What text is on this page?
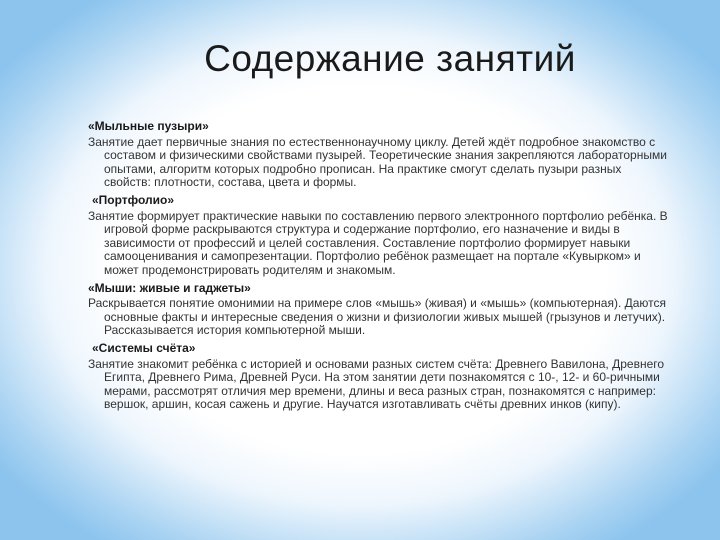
Содержание занятий
«Мыльные пузыри»
Занятие дает первичные знания по естественнонаучному циклу. Детей ждёт подробное знакомство с составом и физическими свойствами пузырей. Теоретические знания закрепляются лабораторными опытами, алгоритм которых подробно прописан. На практике смогут сделать пузыри разных свойств: плотности, состава, цвета и формы.
«Портфолио»
Занятие формирует практические навыки по составлению первого электронного портфолио ребёнка. В игровой форме раскрываются структура и содержание портфолио, его назначение и виды в зависимости от профессий и целей составления. Составление портфолио формирует навыки самооценивания и самопрезентации. Портфолио ребёнок размещает на портале «Кувырком» и может продемонстрировать родителям и знакомым.
«Мыши: живые и гаджеты»
Раскрывается понятие омонимии на примере слов «мышь» (живая) и «мышь» (компьютерная). Даются основные факты и интересные сведения о жизни и физиологии живых мышей (грызунов и летучих). Рассказывается история компьютерной мыши.
«Системы счёта»
Занятие знакомит ребёнка с историей и основами разных систем счёта: Древнего Вавилона, Древнего Египта, Древнего Рима, Древней Руси. На этом занятии дети познакомятся с 10-, 12- и 60-ричными мерами, рассмотрят отличия мер времени, длины и веса разных стран, познакомятся с например: вершок, аршин, косая сажень и другие. Научатся изготавливать счёты древних инков (кипу).
